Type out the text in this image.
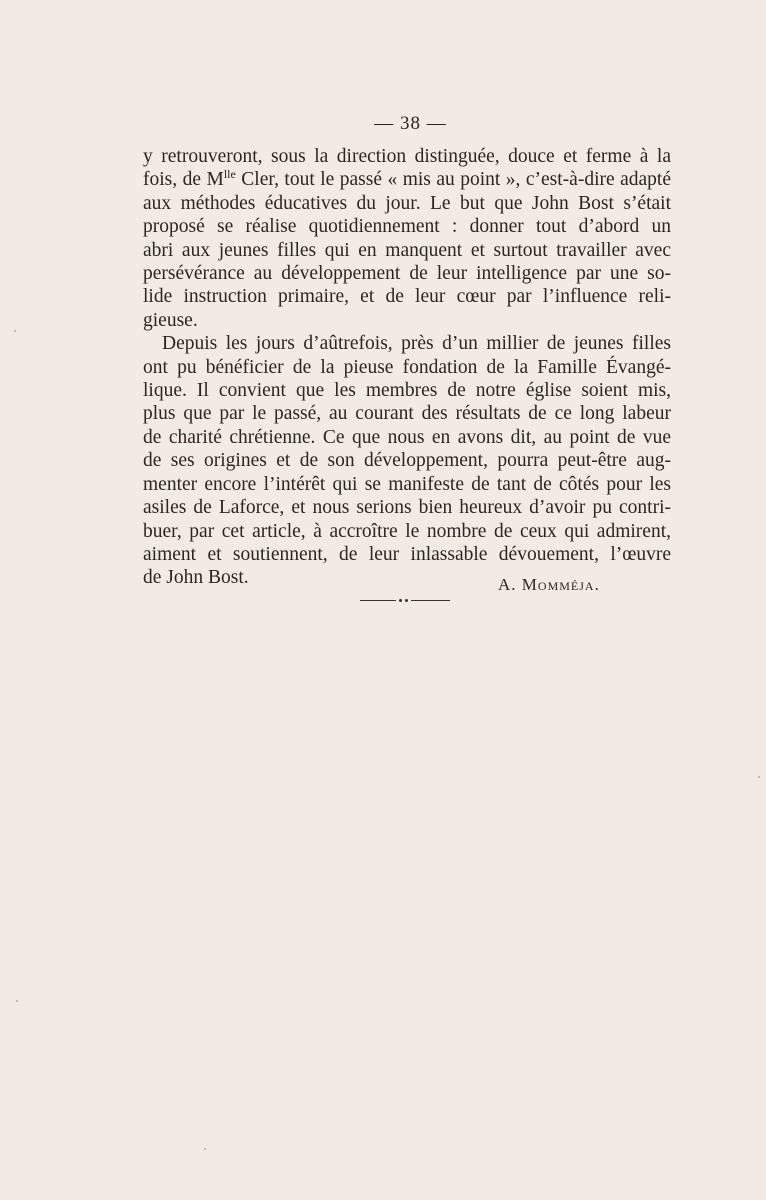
— 38 —

y retrouveront, sous la direction distinguée, douce et ferme à la
fois, de $M^{lle}$ Cler, tout le passé « mis au point », c’est-à-dire adapté
aux méthodes éducatives du jour. Le but que John Bost s’était
proposé se réalise quotidiennement : donner tout d’abord un
abri aux jeunes filles qui en manquent et surtout travailler avec
persévérance au développement de leur intelligence par une so-
lide instruction primaire, et de leur cœur par l’influence reli-
gieuse.

Depuis les jours d’aûtrefois, près d’un millier de jeunes filles
ont pu bénéficier de la pieuse fondation de la Famille Évangé-
lique. Il convient que les membres de notre église soient mis,
plus que par le passé, au courant des résultats de ce long labeur
de charité chrétienne. Ce que nous en avons dit, au point de vue
de ses origines et de son développement, pourra peut-être aug-
menter encore l’intérêt qui se manifeste de tant de côtés pour les
asiles de Laforce, et nous serions bien heureux d’avoir pu contri-
buer, par cet article, à accroître le nombre de ceux qui admirent,
aiment et soutiennent, de leur inlassable dévouement, l’œuvre
de John Bost.	A. Momméja.
